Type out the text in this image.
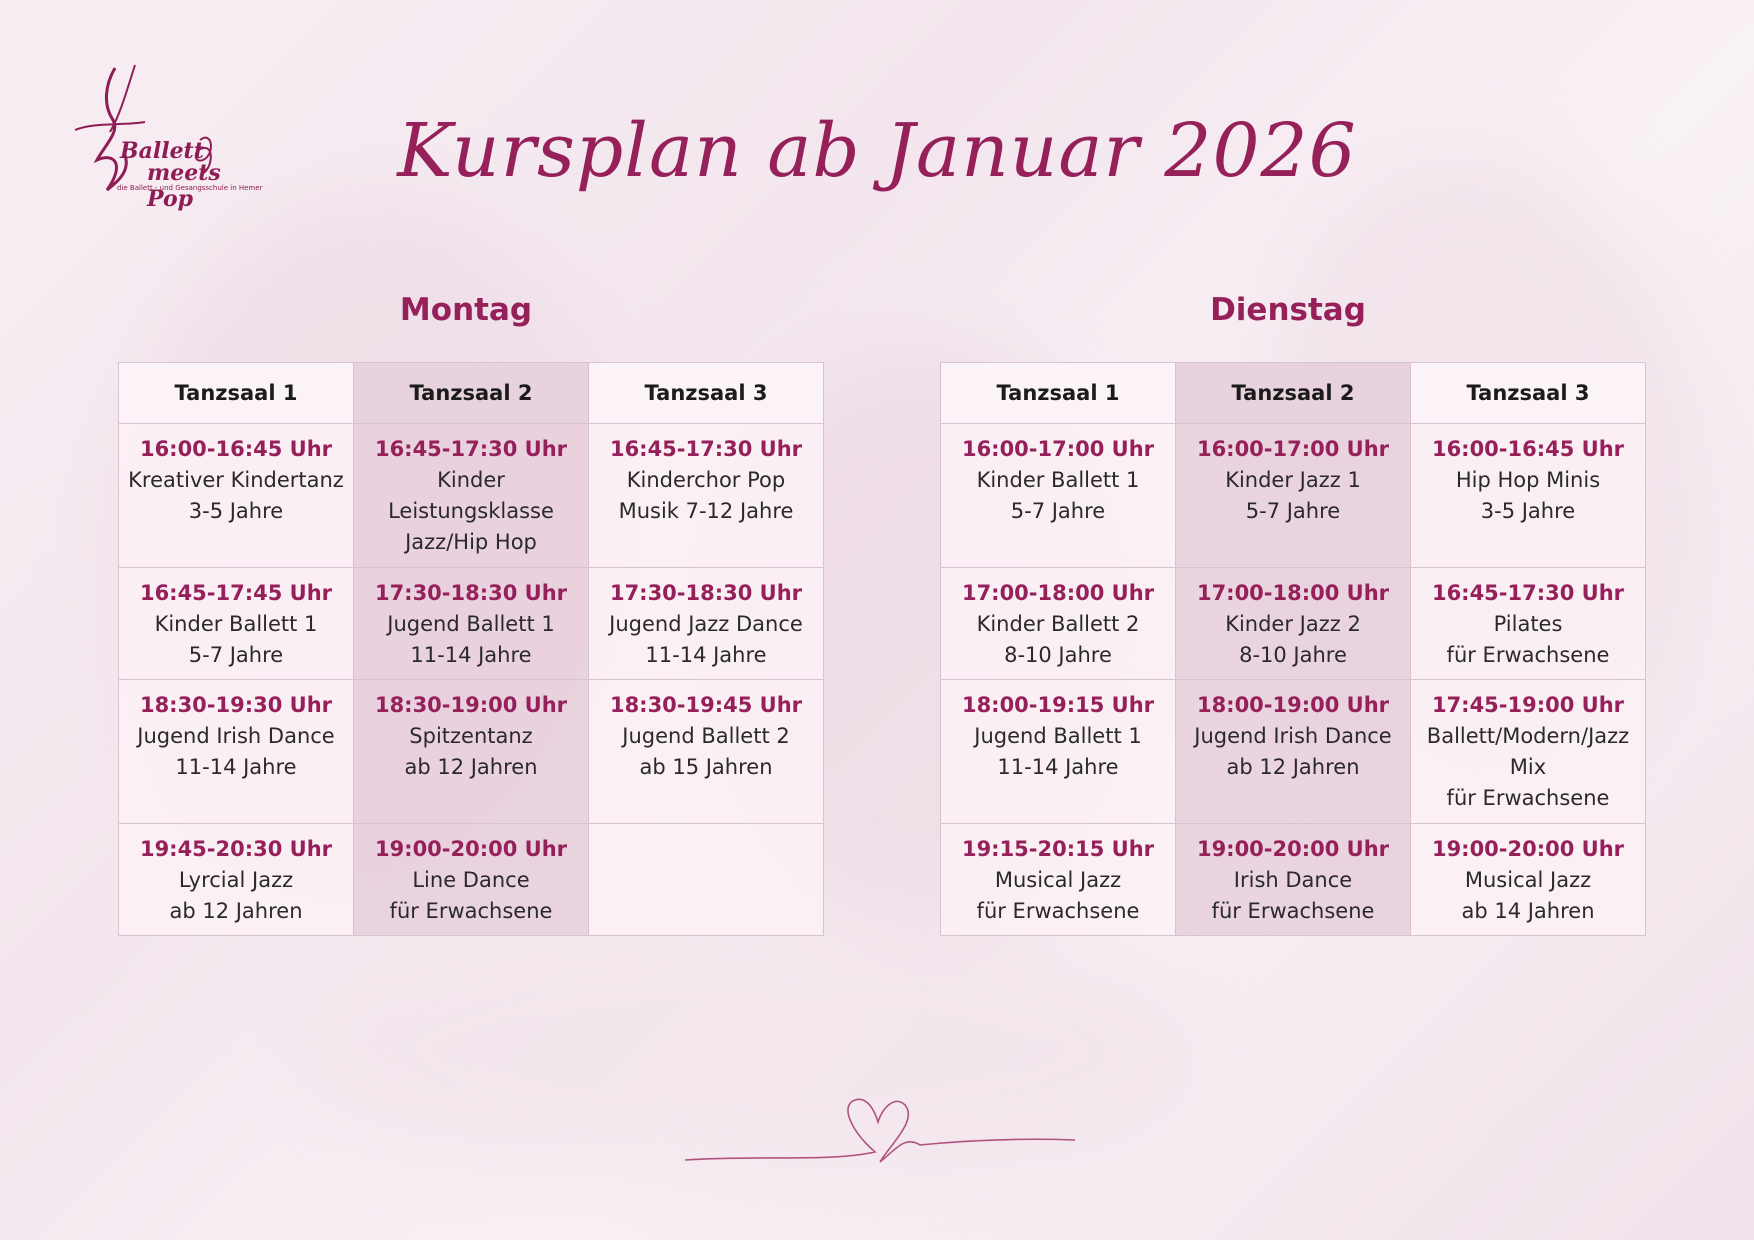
Ballett
meets Pop
die Ballett - und Gesangsschule in Hemer	Kursplan ab Januar 2026
Montag
Tanzsaal 1	Tanzsaal 2	Tanzsaal 3

16:00-16:45 Uhr
Kreativer Kindertanz
3-5 Jahre	16:45-17:30 Uhr
Kinder
Leistungsklasse
Jazz/Hip Hop	16:45-17:30 Uhr
Kinderchor Pop
Musik 7-12 Jahre

16:45-17:45 Uhr
Kinder Ballett 1
5-7 Jahre	17:30-18:30 Uhr
Jugend Ballett 1
11-14 Jahre	17:30-18:30 Uhr
Jugend Jazz Dance
11-14 Jahre

18:30-19:30 Uhr
Jugend Irish Dance
11-14 Jahre	18:30-19:00 Uhr
Spitzentanz
ab 12 Jahren	18:30-19:45 Uhr
Jugend Ballett 2
ab 15 Jahren

19:45-20:30 Uhr
Lyrcial Jazz
ab 12 Jahren	19:00-20:00 Uhr
Line Dance
für Erwachsene	

Dienstag
Tanzsaal 1	Tanzsaal 2	Tanzsaal 3

16:00-17:00 Uhr
Kinder Ballett 1
5-7 Jahre	16:00-17:00 Uhr
Kinder Jazz 1
5-7 Jahre	16:00-16:45 Uhr
Hip Hop Minis
3-5 Jahre

17:00-18:00 Uhr
Kinder Ballett 2
8-10 Jahre	17:00-18:00 Uhr
Kinder Jazz 2
8-10 Jahre	16:45-17:30 Uhr
Pilates
für Erwachsene

18:00-19:15 Uhr
Jugend Ballett 1
11-14 Jahre	18:00-19:00 Uhr
Jugend Irish Dance
ab 12 Jahren	17:45-19:00 Uhr
Ballett/Modern/Jazz
Mix
für Erwachsene

19:15-20:15 Uhr
Musical Jazz
für Erwachsene	19:00-20:00 Uhr
Irish Dance
für Erwachsene	19:00-20:00 Uhr
Musical Jazz
ab 14 Jahren
